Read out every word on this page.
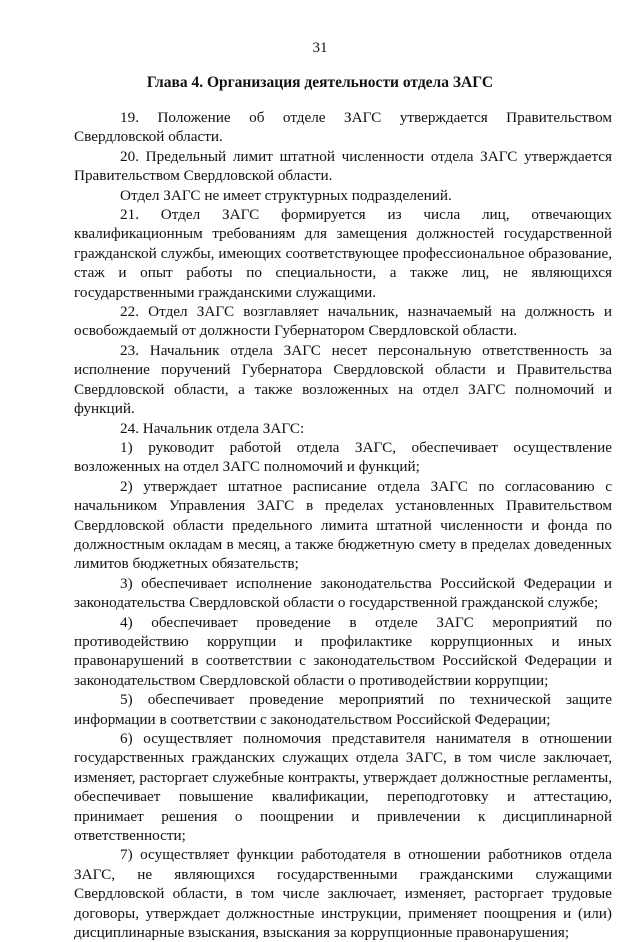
31
Глава 4. Организация деятельности отдела ЗАГС

19. Положение об отделе ЗАГС утверждается Правительством Свердловской области.

20. Предельный лимит штатной численности отдела ЗАГС утверждается Правительством Свердловской области.

Отдел ЗАГС не имеет структурных подразделений.

21. Отдел ЗАГС формируется из числа лиц, отвечающих квалификационным требованиям для замещения должностей государственной гражданской службы, имеющих соответствующее профессиональное образование, стаж и опыт работы по специальности, а также лиц, не являющихся государственными гражданскими служащими.

22. Отдел ЗАГС возглавляет начальник, назначаемый на должность и освобождаемый от должности Губернатором Свердловской области.

23. Начальник отдела ЗАГС несет персональную ответственность за исполнение поручений Губернатора Свердловской области и Правительства Свердловской области, а также возложенных на отдел ЗАГС полномочий и функций.

24. Начальник отдела ЗАГС:

1) руководит работой отдела ЗАГС, обеспечивает осуществление возложенных на отдел ЗАГС полномочий и функций;

2) утверждает штатное расписание отдела ЗАГС по согласованию с начальником Управления ЗАГС в пределах установленных Правительством Свердловской области предельного лимита штатной численности и фонда по должностным окладам в месяц, а также бюджетную смету в пределах доведенных лимитов бюджетных обязательств;

3) обеспечивает исполнение законодательства Российской Федерации и законодательства Свердловской области о государственной гражданской службе;

4) обеспечивает проведение в отделе ЗАГС мероприятий по противодействию коррупции и профилактике коррупционных и иных правонарушений в соответствии с законодательством Российской Федерации и законодательством Свердловской области о противодействии коррупции;

5) обеспечивает проведение мероприятий по технической защите информации в соответствии с законодательством Российской Федерации;

6) осуществляет полномочия представителя нанимателя в отношении государственных гражданских служащих отдела ЗАГС, в том числе заключает, изменяет, расторгает служебные контракты, утверждает должностные регламенты, обеспечивает повышение квалификации, переподготовку и аттестацию, принимает решения о поощрении и привлечении к дисциплинарной ответственности;

7) осуществляет функции работодателя в отношении работников отдела ЗАГС, не являющихся государственными гражданскими служащими Свердловской области, в том числе заключает, изменяет, расторгает трудовые договоры, утверждает должностные инструкции, применяет поощрения и (или) дисциплинарные взыскания, взыскания за коррупционные правонарушения;
